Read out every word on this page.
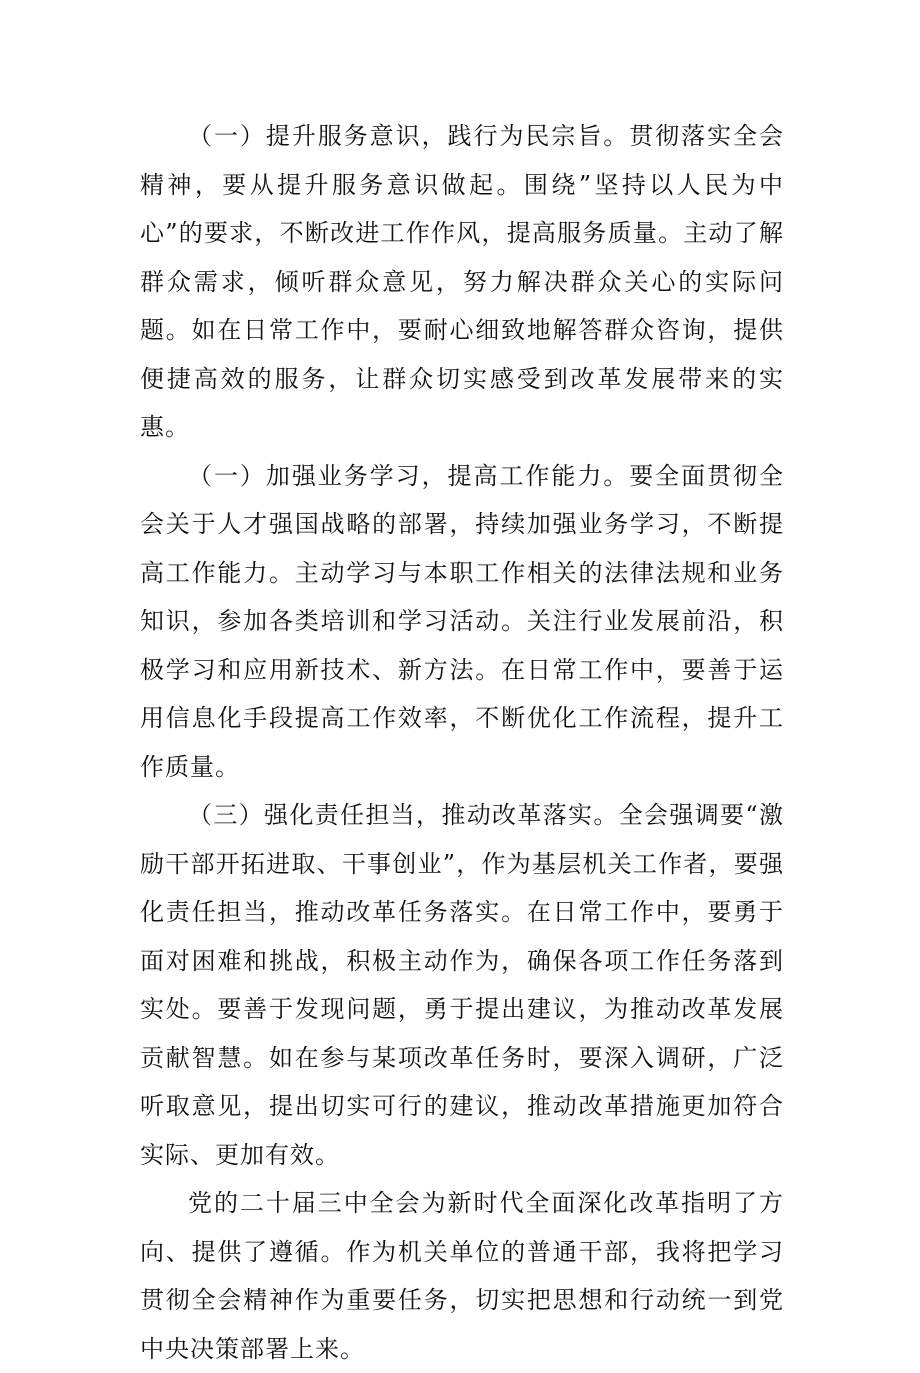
（一）提升服务意识，践行为民宗旨。贯彻落实全会精神，要从提升服务意识做起。围绕”坚持以人民为中心”的要求，不断改进工作作风，提高服务质量。主动了解群众需求，倾听群众意见，努力解决群众关心的实际问题。如在日常工作中，要耐心细致地解答群众咨询，提供便捷高效的服务，让群众切实感受到改革发展带来的实惠。

（一）加强业务学习，提高工作能力。要全面贯彻全会关于人才强国战略的部署，持续加强业务学习，不断提高工作能力。主动学习与本职工作相关的法律法规和业务知识，参加各类培训和学习活动。关注行业发展前沿，积极学习和应用新技术、新方法。在日常工作中，要善于运用信息化手段提高工作效率，不断优化工作流程，提升工作质量。

（三）强化责任担当，推动改革落实。全会强调要“激励干部开拓进取、干事创业”，作为基层机关工作者，要强化责任担当，推动改革任务落实。在日常工作中，要勇于面对困难和挑战，积极主动作为，确保各项工作任务落到实处。要善于发现问题，勇于提出建议，为推动改革发展贡献智慧。如在参与某项改革任务时，要深入调研，广泛听取意见，提出切实可行的建议，推动改革措施更加符合实际、更加有效。

党的二十届三中全会为新时代全面深化改革指明了方向、提供了遵循。作为机关单位的普通干部，我将把学习贯彻全会精神作为重要任务，切实把思想和行动统一到党中央决策部署上来。
